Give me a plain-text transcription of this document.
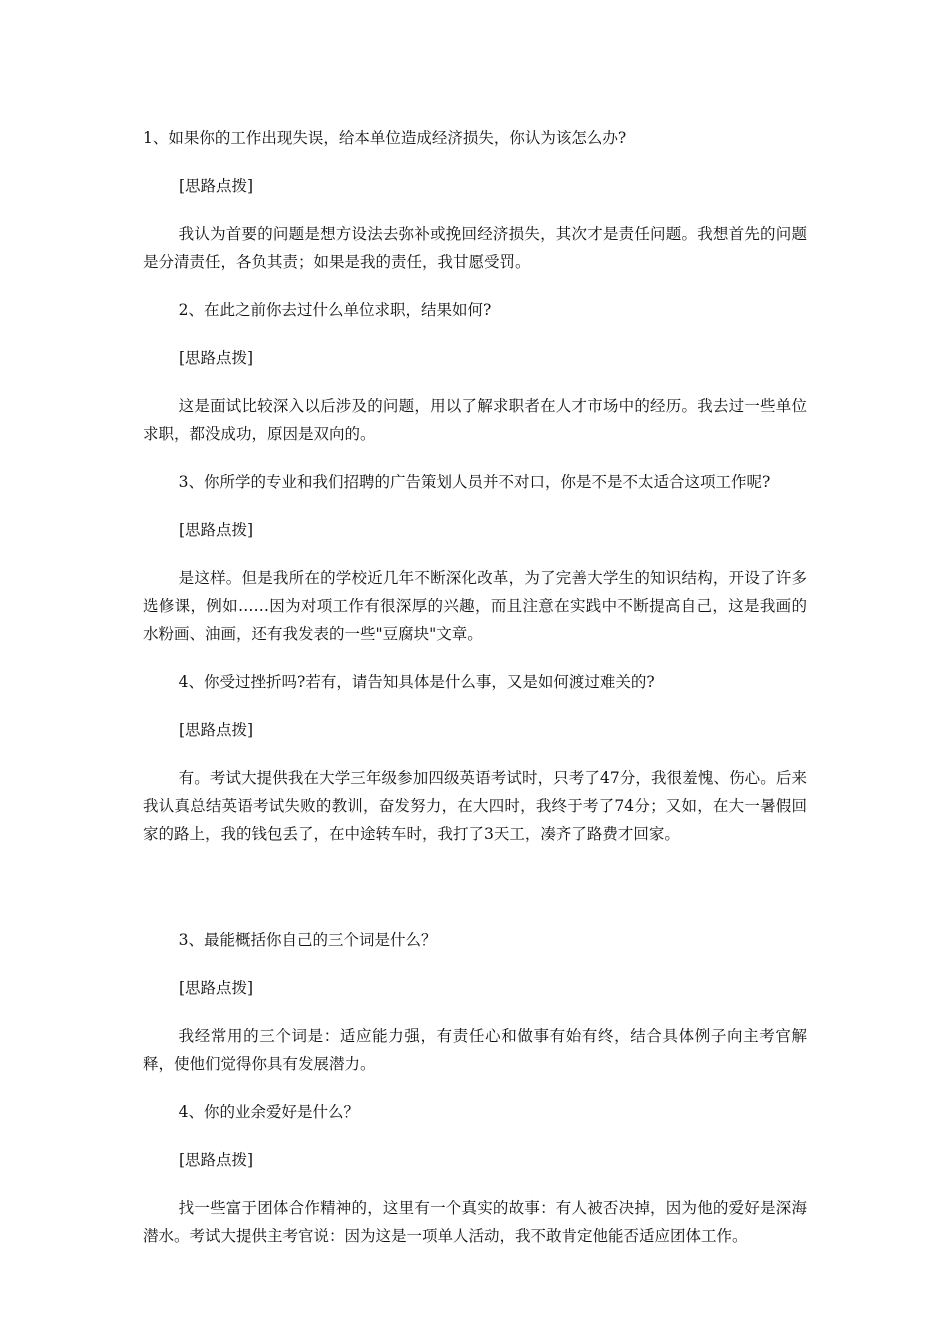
1、如果你的工作出现失误，给本单位造成经济损失，你认为该怎么办?

[思路点拨]

我认为首要的问题是想方设法去弥补或挽回经济损失，其次才是责任问题。我想首先的问题是分清责任，各负其责；如果是我的责任，我甘愿受罚。

2、在此之前你去过什么单位求职，结果如何?

[思路点拨]

这是面试比较深入以后涉及的问题，用以了解求职者在人才市场中的经历。我去过一些单位求职，都没成功，原因是双向的。

3、你所学的专业和我们招聘的广告策划人员并不对口，你是不是不太适合这项工作呢?

[思路点拨]

是这样。但是我所在的学校近几年不断深化改革，为了完善大学生的知识结构，开设了许多选修课，例如……因为对项工作有很深厚的兴趣，而且注意在实践中不断提高自己，这是我画的水粉画、油画，还有我发表的一些"豆腐块"文章。

4、你受过挫折吗?若有，请告知具体是什么事，又是如何渡过难关的?

[思路点拨]

有。考试大提供我在大学三年级参加四级英语考试时，只考了47分，我很羞愧、伤心。后来我认真总结英语考试失败的教训，奋发努力，在大四时，我终于考了74分；又如，在大一暑假回家的路上，我的钱包丢了，在中途转车时，我打了3天工，凑齐了路费才回家。

3、最能概括你自己的三个词是什么？

[思路点拨]

我经常用的三个词是：适应能力强，有责任心和做事有始有终，结合具体例子向主考官解释，使他们觉得你具有发展潜力。

4、你的业余爱好是什么？

[思路点拨]

找一些富于团体合作精神的，这里有一个真实的故事：有人被否决掉，因为他的爱好是深海潜水。考试大提供主考官说：因为这是一项单人活动，我不敢肯定他能否适应团体工作。
